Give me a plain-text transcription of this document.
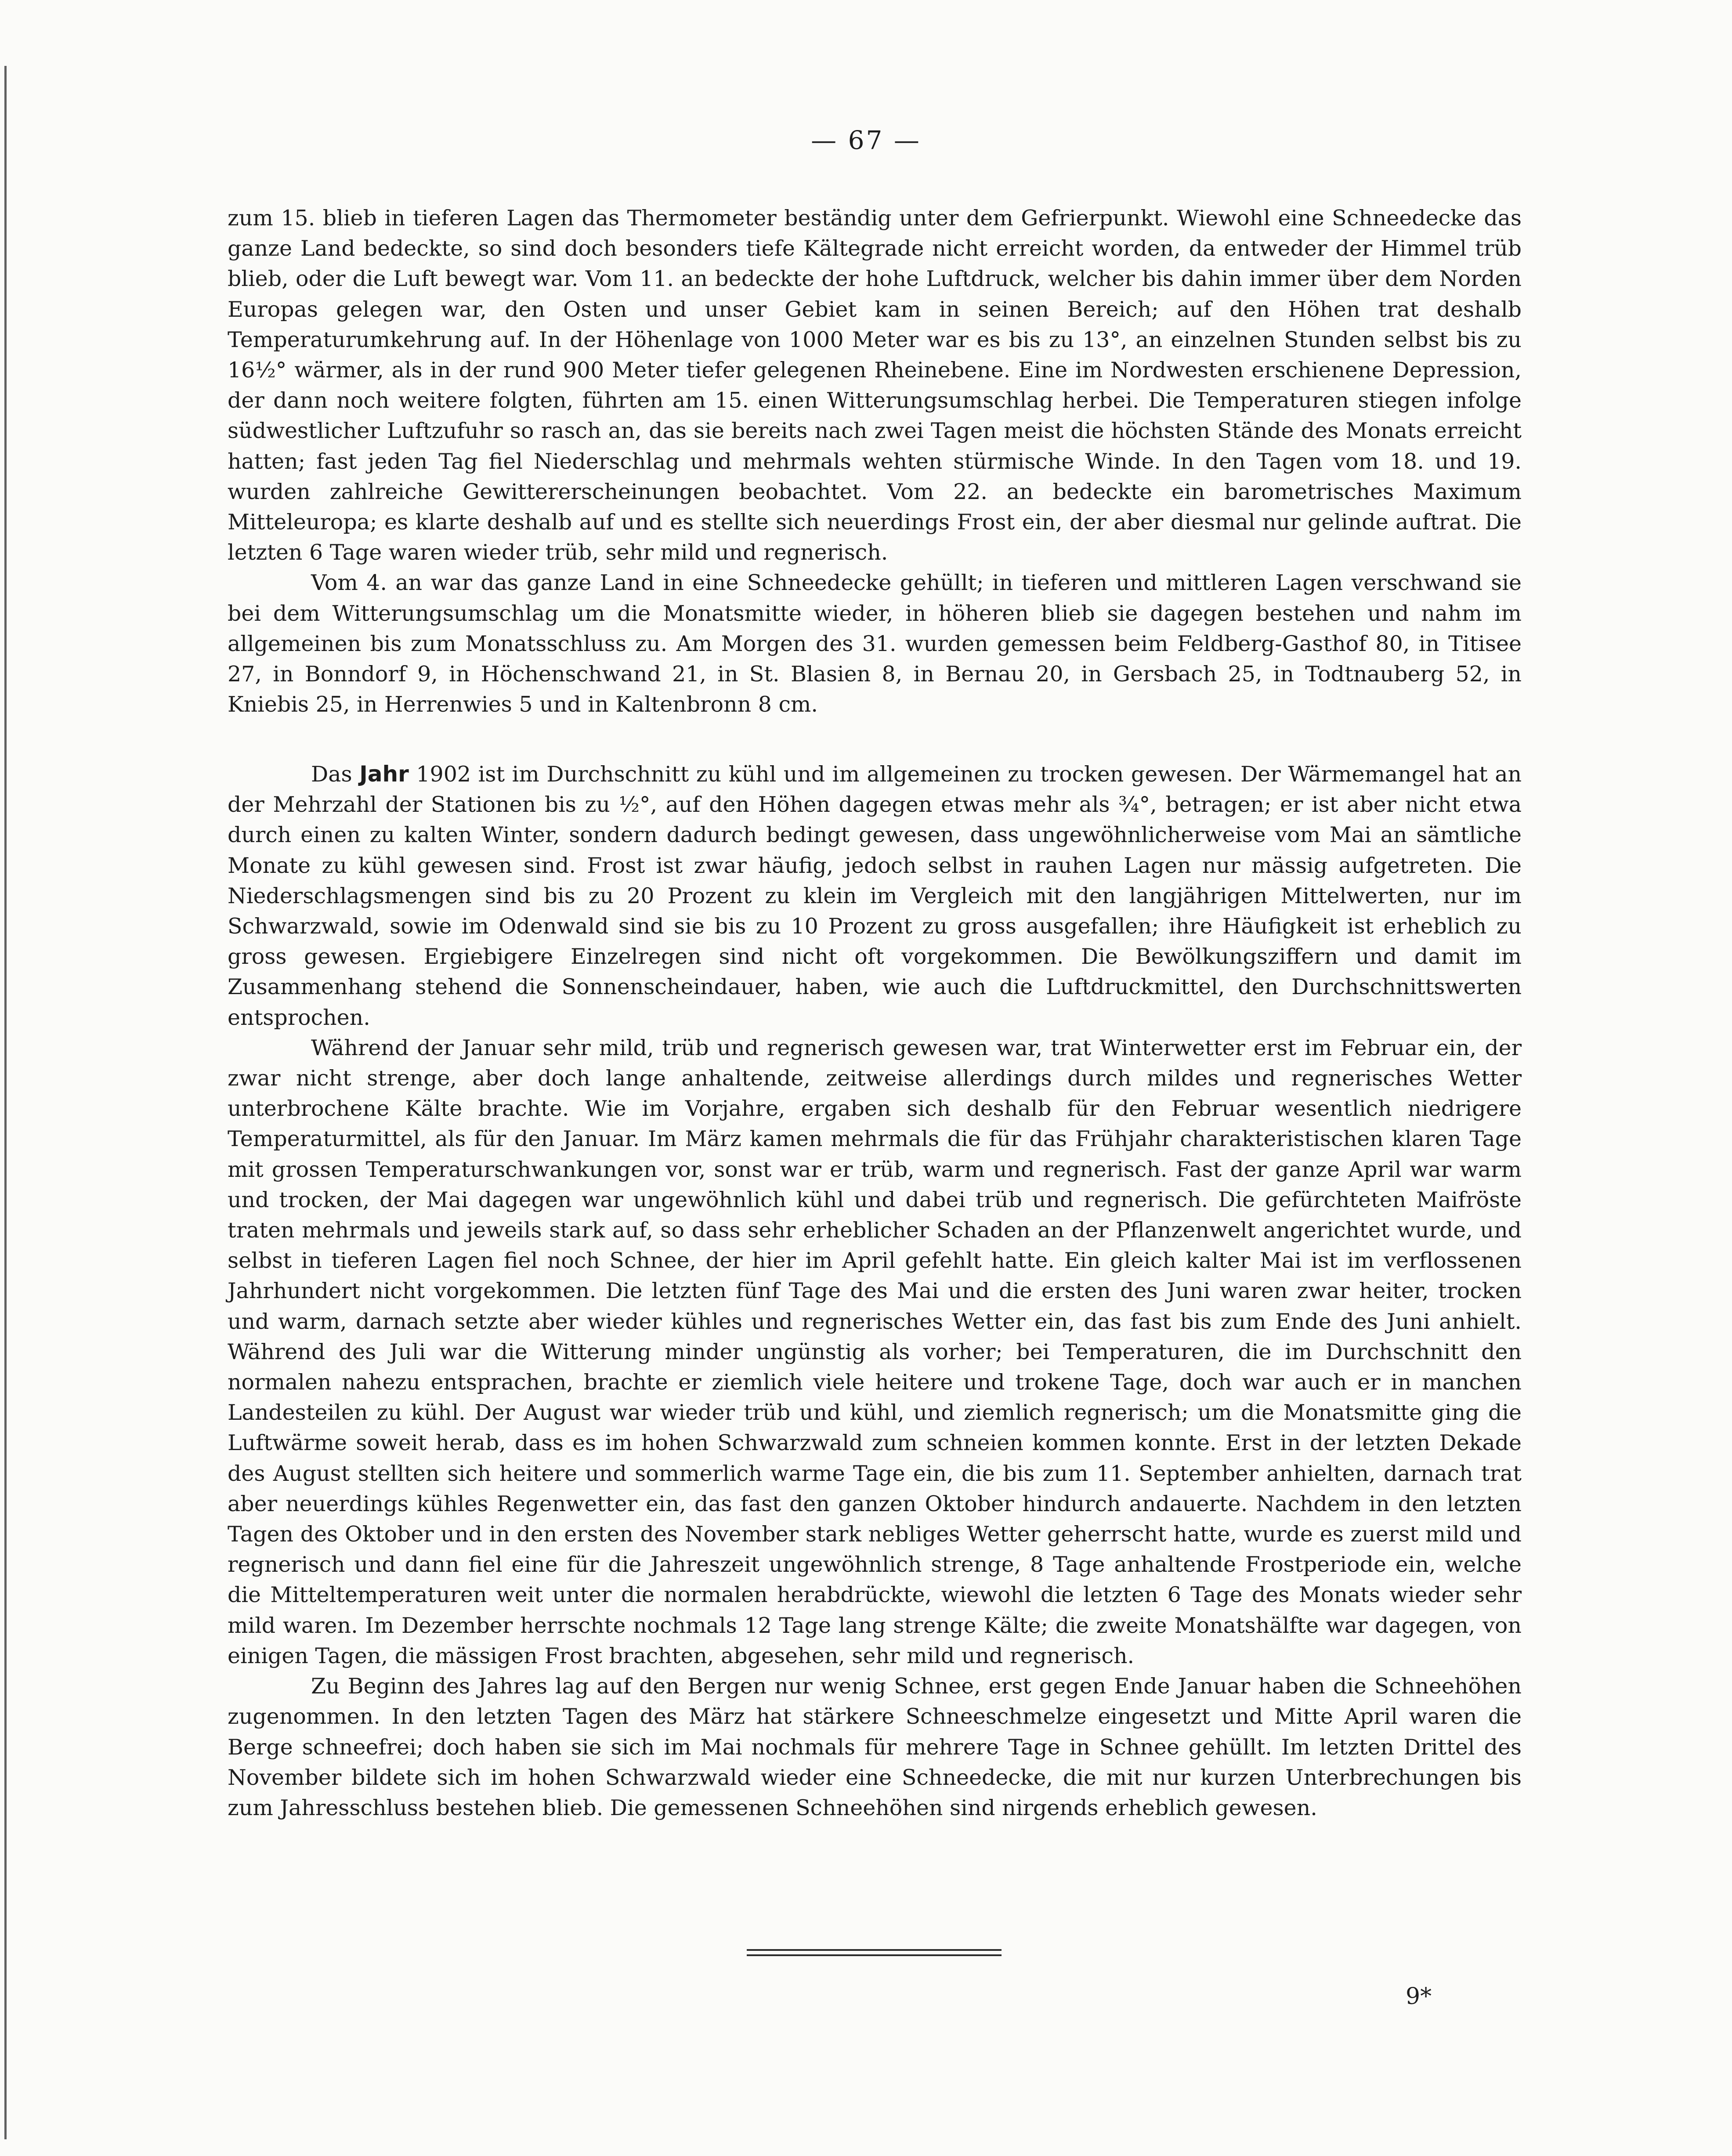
— 67 —

zum 15. blieb in tieferen Lagen das Thermometer beständig unter dem Gefrierpunkt. Wiewohl eine Schneedecke das ganze Land bedeckte, so sind doch besonders tiefe Kältegrade nicht erreicht worden, da entweder der Himmel trüb blieb, oder die Luft bewegt war. Vom 11. an bedeckte der hohe Luftdruck, welcher bis dahin immer über dem Norden Europas gelegen war, den Osten und unser Gebiet kam in seinen Bereich; auf den Höhen trat deshalb Temperaturumkehrung auf. In der Höhenlage von 1000 Meter war es bis zu 13°, an einzelnen Stunden selbst bis zu 16½° wärmer, als in der rund 900 Meter tiefer gelegenen Rheinebene. Eine im Nordwesten erschienene Depression, der dann noch weitere folgten, führten am 15. einen Witterungsumschlag herbei. Die Temperaturen stiegen infolge südwestlicher Luftzufuhr so rasch an, das sie bereits nach zwei Tagen meist die höchsten Stände des Monats erreicht hatten; fast jeden Tag fiel Niederschlag und mehrmals wehten stürmische Winde. In den Tagen vom 18. und 19. wurden zahlreiche Gewittererscheinungen beobachtet. Vom 22. an bedeckte ein barometrisches Maximum Mitteleuropa; es klarte deshalb auf und es stellte sich neuerdings Frost ein, der aber diesmal nur gelinde auftrat. Die letzten 6 Tage waren wieder trüb, sehr mild und regnerisch.

Vom 4. an war das ganze Land in eine Schneedecke gehüllt; in tieferen und mittleren Lagen verschwand sie bei dem Witterungsumschlag um die Monatsmitte wieder, in höheren blieb sie dagegen bestehen und nahm im allgemeinen bis zum Monatsschluss zu. Am Morgen des 31. wurden gemessen beim Feldberg-Gasthof 80, in Titisee 27, in Bonndorf 9, in Höchenschwand 21, in St. Blasien 8, in Bernau 20, in Gersbach 25, in Todtnauberg 52, in Kniebis 25, in Herrenwies 5 und in Kaltenbronn 8 cm.

Das Jahr 1902 ist im Durchschnitt zu kühl und im allgemeinen zu trocken gewesen. Der Wärmemangel hat an der Mehrzahl der Stationen bis zu ½°, auf den Höhen dagegen etwas mehr als ¾°, betragen; er ist aber nicht etwa durch einen zu kalten Winter, sondern dadurch bedingt gewesen, dass ungewöhnlicherweise vom Mai an sämtliche Monate zu kühl gewesen sind. Frost ist zwar häufig, jedoch selbst in rauhen Lagen nur mässig aufgetreten. Die Niederschlagsmengen sind bis zu 20 Prozent zu klein im Vergleich mit den langjährigen Mittelwerten, nur im Schwarzwald, sowie im Odenwald sind sie bis zu 10 Prozent zu gross ausgefallen; ihre Häufigkeit ist erheblich zu gross gewesen. Ergiebigere Einzelregen sind nicht oft vorgekommen. Die Bewölkungsziffern und damit im Zusammenhang stehend die Sonnenscheindauer, haben, wie auch die Luftdruckmittel, den Durchschnittswerten entsprochen.

Während der Januar sehr mild, trüb und regnerisch gewesen war, trat Winterwetter erst im Februar ein, der zwar nicht strenge, aber doch lange anhaltende, zeitweise allerdings durch mildes und regnerisches Wetter unterbrochene Kälte brachte. Wie im Vorjahre, ergaben sich deshalb für den Februar wesentlich niedrigere Temperaturmittel, als für den Januar. Im März kamen mehrmals die für das Frühjahr charakteristischen klaren Tage mit grossen Temperaturschwankungen vor, sonst war er trüb, warm und regnerisch. Fast der ganze April war warm und trocken, der Mai dagegen war ungewöhnlich kühl und dabei trüb und regnerisch. Die gefürchteten Maifröste traten mehrmals und jeweils stark auf, so dass sehr erheblicher Schaden an der Pflanzenwelt angerichtet wurde, und selbst in tieferen Lagen fiel noch Schnee, der hier im April gefehlt hatte. Ein gleich kalter Mai ist im verflossenen Jahrhundert nicht vorgekommen. Die letzten fünf Tage des Mai und die ersten des Juni waren zwar heiter, trocken und warm, darnach setzte aber wieder kühles und regnerisches Wetter ein, das fast bis zum Ende des Juni anhielt. Während des Juli war die Witterung minder ungünstig als vorher; bei Temperaturen, die im Durchschnitt den normalen nahezu entsprachen, brachte er ziemlich viele heitere und trokene Tage, doch war auch er in manchen Landesteilen zu kühl. Der August war wieder trüb und kühl, und ziemlich regnerisch; um die Monatsmitte ging die Luftwärme soweit herab, dass es im hohen Schwarzwald zum schneien kommen konnte. Erst in der letzten Dekade des August stellten sich heitere und sommerlich warme Tage ein, die bis zum 11. September anhielten, darnach trat aber neuerdings kühles Regenwetter ein, das fast den ganzen Oktober hindurch andauerte. Nachdem in den letzten Tagen des Oktober und in den ersten des November stark nebliges Wetter geherrscht hatte, wurde es zuerst mild und regnerisch und dann fiel eine für die Jahreszeit ungewöhnlich strenge, 8 Tage anhaltende Frostperiode ein, welche die Mitteltemperaturen weit unter die normalen herabdrückte, wiewohl die letzten 6 Tage des Monats wieder sehr mild waren. Im Dezember herrschte nochmals 12 Tage lang strenge Kälte; die zweite Monatshälfte war dagegen, von einigen Tagen, die mässigen Frost brachten, abgesehen, sehr mild und regnerisch.

Zu Beginn des Jahres lag auf den Bergen nur wenig Schnee, erst gegen Ende Januar haben die Schneehöhen zugenommen. In den letzten Tagen des März hat stärkere Schneeschmelze eingesetzt und Mitte April waren die Berge schneefrei; doch haben sie sich im Mai nochmals für mehrere Tage in Schnee gehüllt. Im letzten Drittel des November bildete sich im hohen Schwarzwald wieder eine Schneedecke, die mit nur kurzen Unterbrechungen bis zum Jahresschluss bestehen blieb. Die gemessenen Schneehöhen sind nirgends erheblich gewesen.

9*
